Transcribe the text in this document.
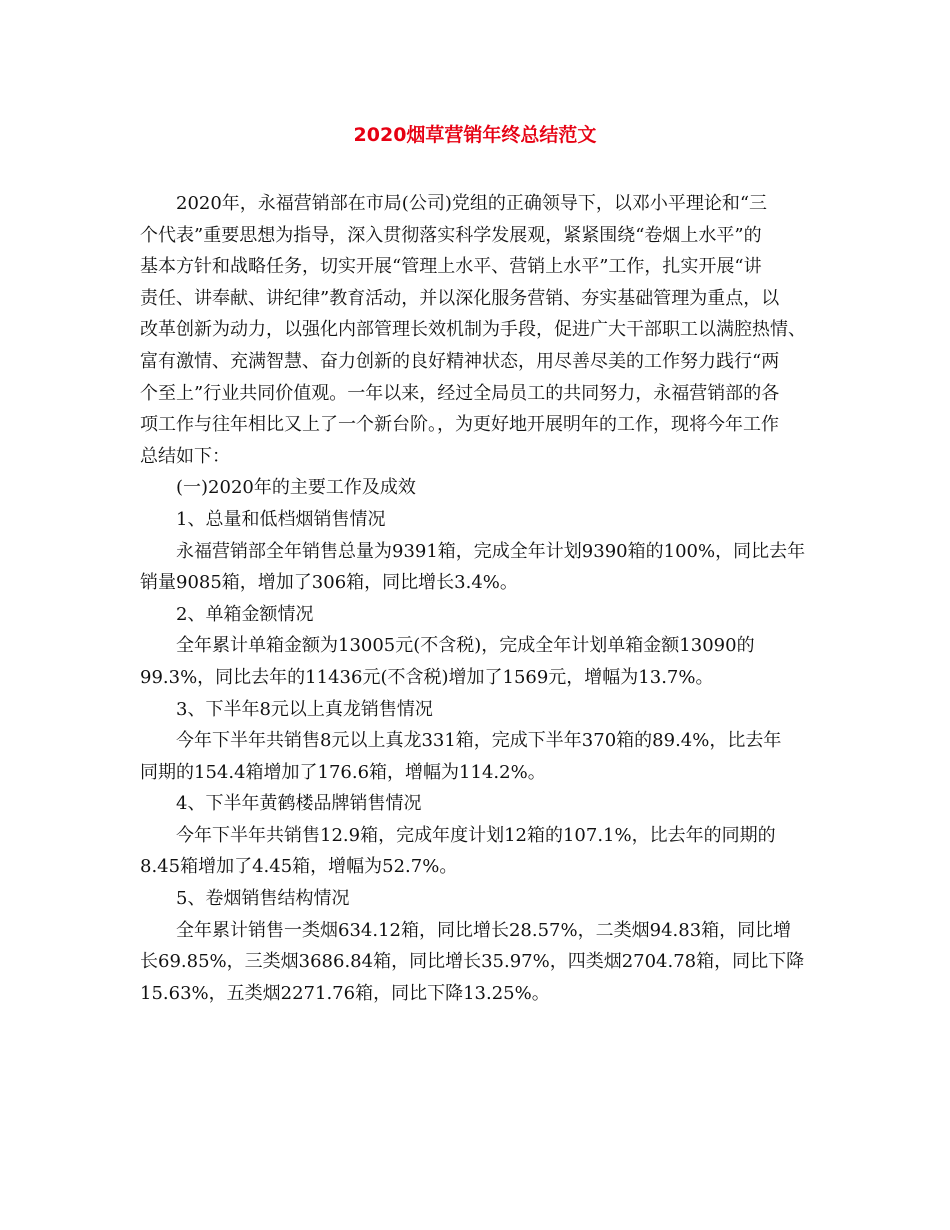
2020烟草营销年终总结范文
2020年，永福营销部在市局(公司)党组的正确领导下，以邓小平理论和“三
个代表”重要思想为指导，深入贯彻落实科学发展观，紧紧围绕“卷烟上水平”的
基本方针和战略任务，切实开展“管理上水平、营销上水平”工作，扎实开展“讲
责任、讲奉献、讲纪律”教育活动，并以深化服务营销、夯实基础管理为重点，以
改革创新为动力，以强化内部管理长效机制为手段，促进广大干部职工以满腔热情、
富有激情、充满智慧、奋力创新的良好精神状态，用尽善尽美的工作努力践行“两
个至上”行业共同价值观。一年以来，经过全局员工的共同努力，永福营销部的各
项工作与往年相比又上了一个新台阶。，为更好地开展明年的工作，现将今年工作
总结如下：
(一)2020年的主要工作及成效
1、总量和低档烟销售情况
永福营销部全年销售总量为9391箱，完成全年计划9390箱的100%，同比去年
销量9085箱，增加了306箱，同比增长3.4%。
2、单箱金额情况
全年累计单箱金额为13005元(不含税)，完成全年计划单箱金额13090的
99.3%，同比去年的11436元(不含税)增加了1569元，增幅为13.7%。
3、下半年8元以上真龙销售情况
今年下半年共销售8元以上真龙331箱，完成下半年370箱的89.4%，比去年
同期的154.4箱增加了176.6箱，增幅为114.2%。
4、下半年黄鹤楼品牌销售情况
今年下半年共销售12.9箱，完成年度计划12箱的107.1%，比去年的同期的
8.45箱增加了4.45箱，增幅为52.7%。
5、卷烟销售结构情况
全年累计销售一类烟634.12箱，同比增长28.57%，二类烟94.83箱，同比增
长69.85%，三类烟3686.84箱，同比增长35.97%，四类烟2704.78箱，同比下降
15.63%，五类烟2271.76箱，同比下降13.25%。
